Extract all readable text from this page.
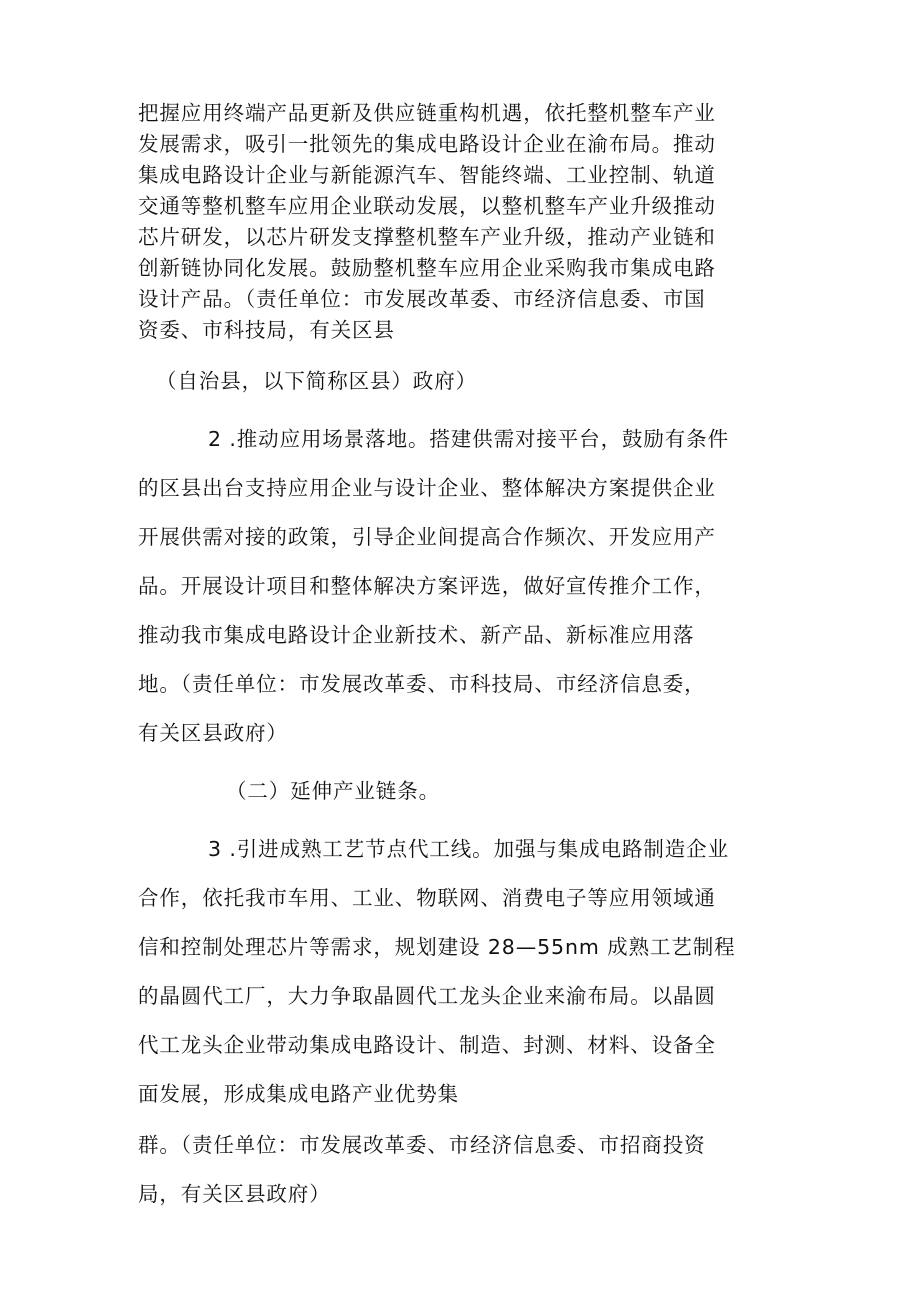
把握应用终端产品更新及供应链重构机遇，依托整机整车产业
发展需求，吸引一批领先的集成电路设计企业在渝布局。推动
集成电路设计企业与新能源汽车、智能终端、工业控制、轨道
交通等整机整车应用企业联动发展，以整机整车产业升级推动
芯片研发，以芯片研发支撑整机整车产业升级，推动产业链和
创新链协同化发展。鼓励整机整车应用企业采购我市集成电路
设计产品。（责任单位：市发展改革委、市经济信息委、市国
资委、市科技局，有关区县
（自治县，以下简称区县）政府）
2 .推动应用场景落地。搭建供需对接平台，鼓励有条件
的区县出台支持应用企业与设计企业、整体解决方案提供企业
开展供需对接的政策，引导企业间提高合作频次、开发应用产
品。开展设计项目和整体解决方案评选，做好宣传推介工作，
推动我市集成电路设计企业新技术、新产品、新标准应用落
地。（责任单位：市发展改革委、市科技局、市经济信息委，
有关区县政府）
（二）延伸产业链条。
3 .引进成熟工艺节点代工线。加强与集成电路制造企业
合作，依托我市车用、工业、物联网、消费电子等应用领域通
信和控制处理芯片等需求，规划建设 28—55nm 成熟工艺制程
的晶圆代工厂，大力争取晶圆代工龙头企业来渝布局。以晶圆
代工龙头企业带动集成电路设计、制造、封测、材料、设备全
面发展，形成集成电路产业优势集
群。（责任单位：市发展改革委、市经济信息委、市招商投资
局，有关区县政府）
